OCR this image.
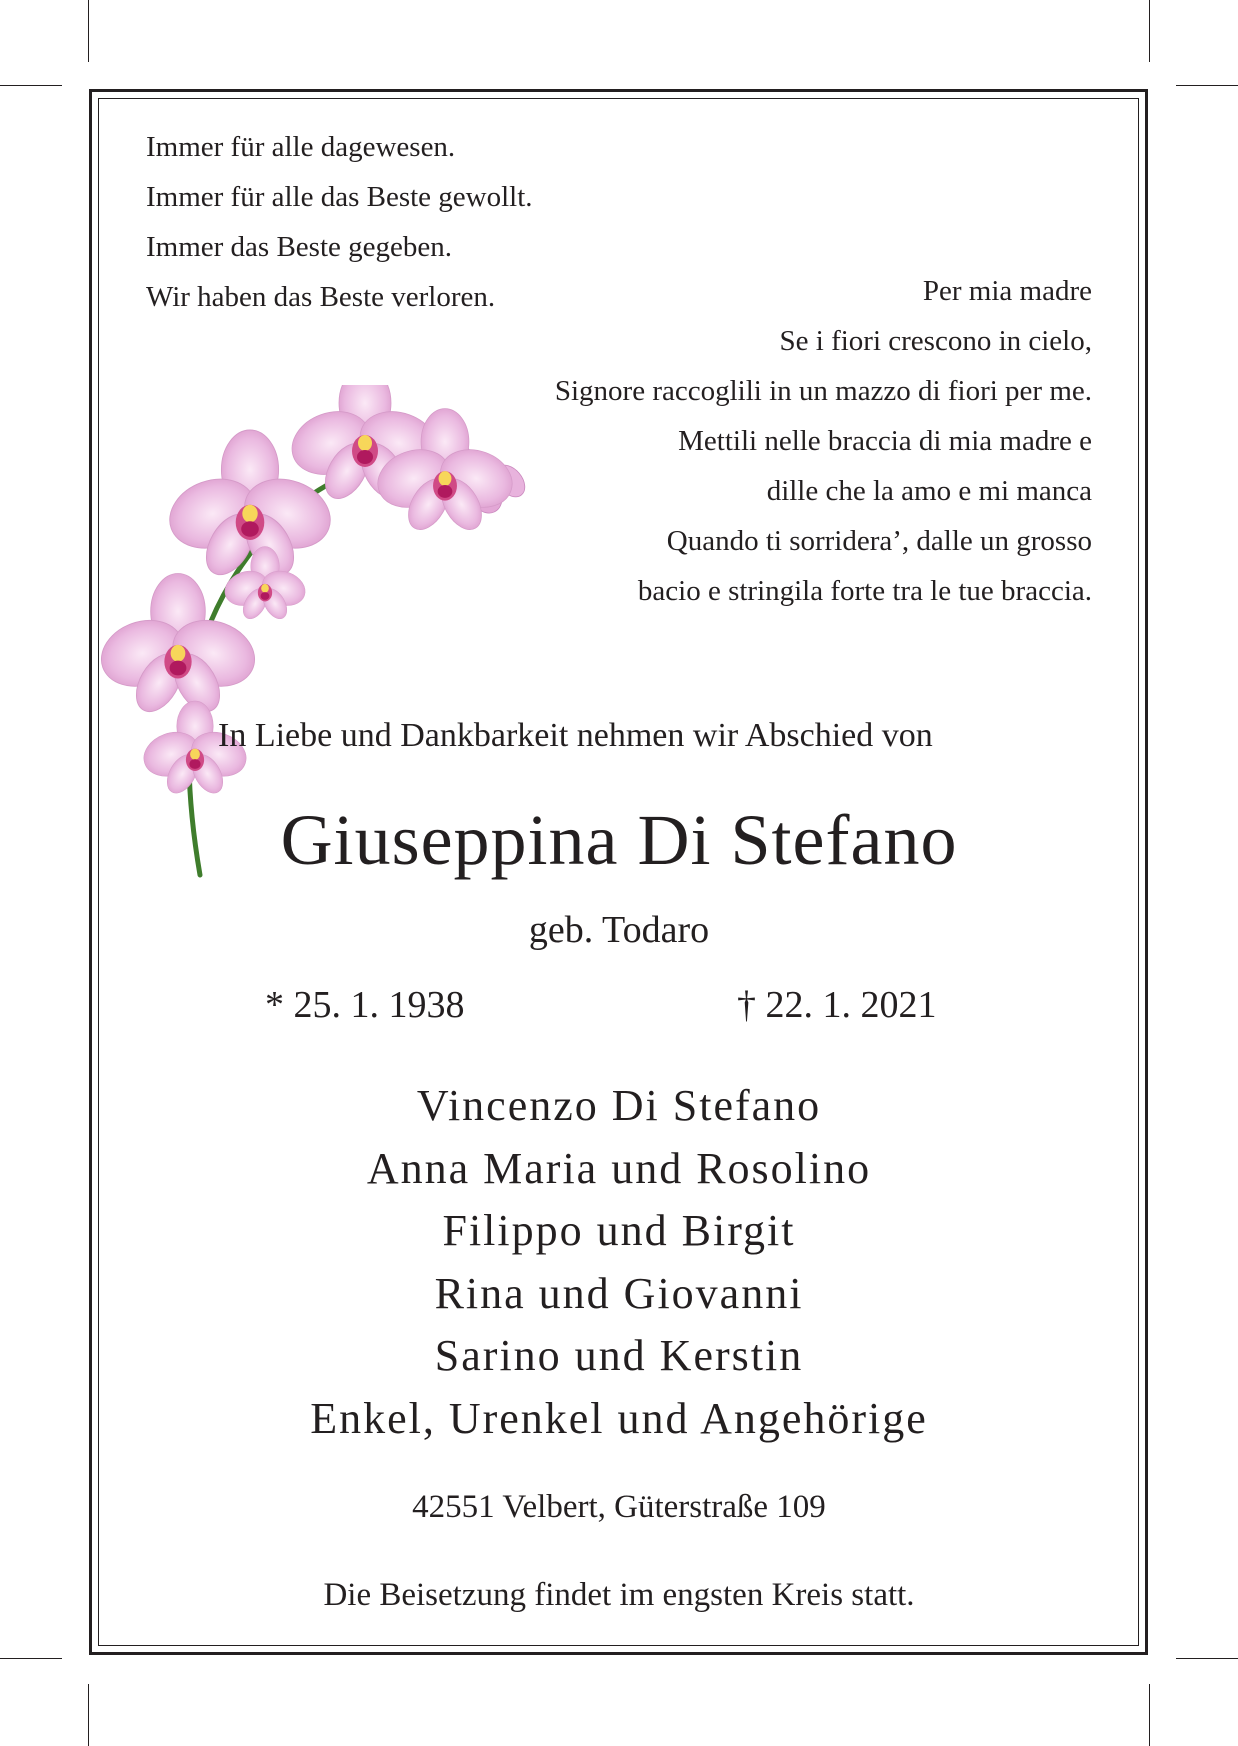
Immer für alle dagewesen.
Immer für alle das Beste gewollt.
Immer das Beste gegeben.
Wir haben das Beste verloren.	Per mia madre
Se i fiori crescono in cielo,
Signore raccoglili in un mazzo di fiori per me.
Mettili nelle braccia di mia madre e
dille che la amo e mi manca
Quando ti sorridera’, dalle un grosso
bacio e stringila forte tra le tue braccia.
In Liebe und Dankbarkeit nehmen wir Abschied von
Giuseppina Di Stefano
geb. Todaro
* 25. 1. 1938	† 22. 1. 2021
Vincenzo Di Stefano
Anna Maria und Rosolino
Filippo und Birgit
Rina und Giovanni
Sarino und Kerstin
Enkel, Urenkel und Angehörige
42551 Velbert, Güterstraße 109
Die Beisetzung findet im engsten Kreis statt.
